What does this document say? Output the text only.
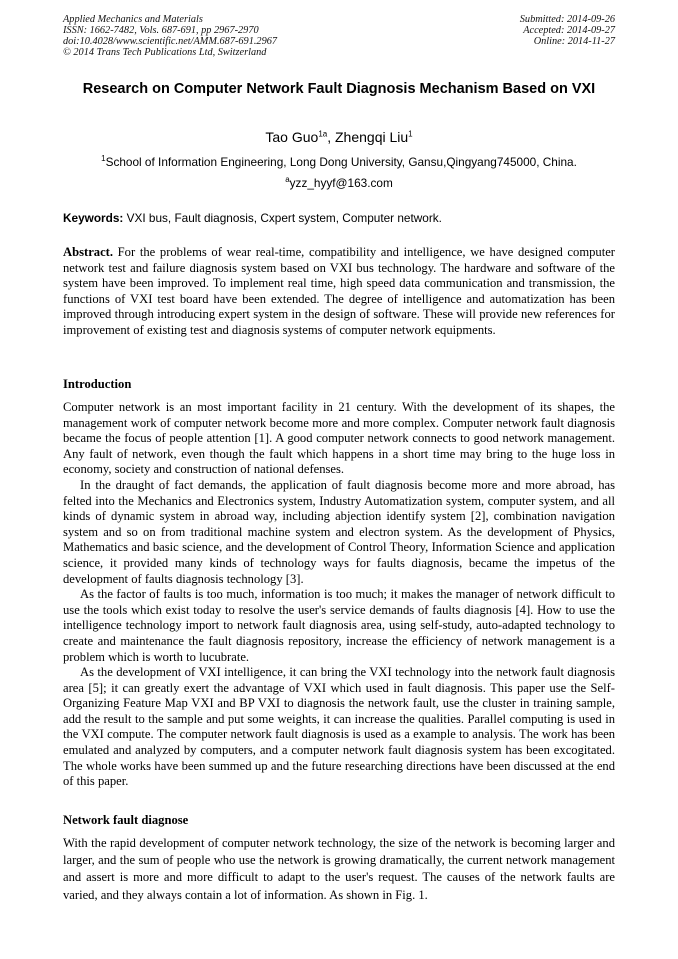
Applied Mechanics and Materials
ISSN: 1662-7482, Vols. 687-691, pp 2967-2970
doi:10.4028/www.scientific.net/AMM.687-691.2967
© 2014 Trans Tech Publications Ltd, Switzerland
Submitted: 2014-09-26
Accepted: 2014-09-27
Online: 2014-11-27
Research on Computer Network Fault Diagnosis Mechanism Based on VXI
Tao Guo$^{1a}$, Zhengqi Liu$^1$
$^1$School of Information Engineering, Long Dong University, Gansu,Qingyang745000, China.
$^a$yzz_hyyf@163.com
Keywords: VXI bus, Fault diagnosis, Cxpert system, Computer network.
Abstract. For the problems of wear real-time, compatibility and intelligence, we have designed computer network test and failure diagnosis system based on VXI bus technology. The hardware and software of the system have been improved. To implement real time, high speed data communication and transmission, the functions of VXI test board have been extended. The degree of intelligence and automatization has been improved through introducing expert system in the design of software. These will provide new references for improvement of existing test and diagnosis systems of computer network equipments.
Introduction

Computer network is an most important facility in 21 century. With the development of its shapes, the management work of computer network become more and more complex. Computer network fault diagnosis became the focus of people attention [1]. A good computer network connects to good network management. Any fault of network, even though the fault which happens in a short time may bring to the huge loss in economy, society and construction of national defenses.

In the draught of fact demands, the application of fault diagnosis become more and more abroad, has felted into the Mechanics and Electronics system, Industry Automatization system, computer system, and all kinds of dynamic system in abroad way, including abjection identify system [2], combination navigation system and so on from traditional machine system and electron system. As the development of Physics, Mathematics and basic science, and the development of Control Theory, Information Science and application science, it provided many kinds of technology ways for faults diagnosis, became the impetus of the development of faults diagnosis technology [3].

As the factor of faults is too much, information is too much; it makes the manager of network difficult to use the tools which exist today to resolve the user's service demands of faults diagnosis [4]. How to use the intelligence technology import to network fault diagnosis area, using self-study, auto-adapted technology to create and maintenance the fault diagnosis repository, increase the efficiency of network management is a problem which is worth to lucubrate.

As the development of VXI intelligence, it can bring the VXI technology into the network fault diagnosis area [5]; it can greatly exert the advantage of VXI which used in fault diagnosis. This paper use the Self-Organizing Feature Map VXI and BP VXI to diagnosis the network fault, use the cluster in training sample, add the result to the sample and put some weights, it can increase the qualities. Parallel computing is used in the VXI compute. The computer network fault diagnosis is used as a example to analysis. The work has been emulated and analyzed by computers, and a computer network fault diagnosis system has been excogitated. The whole works have been summed up and the future researching directions have been discussed at the end of this paper.

Network fault diagnose

With the rapid development of computer network technology, the size of the network is becoming larger and larger, and the sum of people who use the network is growing dramatically, the current network management and assert is more and more difficult to adapt to the user's request. The causes of the network faults are varied, and they always contain a lot of information. As shown in Fig. 1.
